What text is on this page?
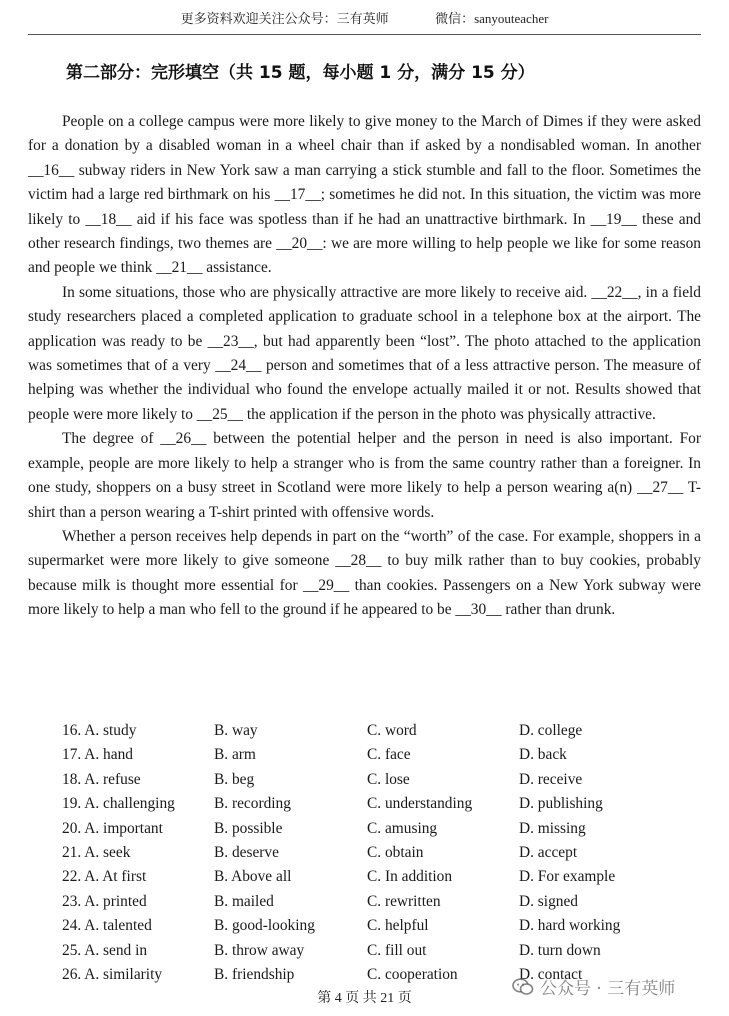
更多资料欢迎关注公众号：三有英师	微信：sanyouteacher
第二部分：完形填空（共 15 题，每小题 1 分，满分 15 分）

People on a college campus were more likely to give money to the March of Dimes if they were asked for a donation by a disabled woman in a wheel chair than if asked by a nondisabled woman. In another __16__ subway riders in New York saw a man carrying a stick stumble and fall to the floor. Sometimes the victim had a large red birthmark on his __17__; sometimes he did not. In this situation, the victim was more likely to __18__ aid if his face was spotless than if he had an unattractive birthmark. In __19__ these and other research findings, two themes are __20__: we are more willing to help people we like for some reason and people we think __21__ assistance.

In some situations, those who are physically attractive are more likely to receive aid. __22__, in a field study researchers placed a completed application to graduate school in a telephone box at the airport. The application was ready to be __23__, but had apparently been “lost”. The photo attached to the application was sometimes that of a very __24__ person and sometimes that of a less attractive person. The measure of helping was whether the individual who found the envelope actually mailed it or not. Results showed that people were more likely to __25__ the application if the person in the photo was physically attractive.

The degree of __26__ between the potential helper and the person in need is also important. For example, people are more likely to help a stranger who is from the same country rather than a foreigner. In one study, shoppers on a busy street in Scotland were more likely to help a person wearing a(n) __27__ T-shirt than a person wearing a T-shirt printed with offensive words.

Whether a person receives help depends in part on the “worth” of the case. For example, shoppers in a supermarket were more likely to give someone __28__ to buy milk rather than to buy cookies, probably because milk is thought more essential for __29__ than cookies. Passengers on a New York subway were more likely to help a man who fell to the ground if he appeared to be __30__ rather than drunk.

16. A. study	B. way	C. word	D. college
17. A. hand	B. arm	C. face	D. back
18. A. refuse	B. beg	C. lose	D. receive
19. A. challenging	B. recording	C. understanding	D. publishing
20. A. important	B. possible	C. amusing	D. missing
21. A. seek	B. deserve	C. obtain	D. accept
22. A. At first	B. Above all	C. In addition	D. For example
23. A. printed	B. mailed	C. rewritten	D. signed
24. A. talented	B. good-looking	C. helpful	D. hard working
25. A. send in	B. throw away	C. fill out	D. turn down
26. A. similarity	B. friendship	C. cooperation	D. contact
第 4 页 共 21 页	公众号 · 三有英师
